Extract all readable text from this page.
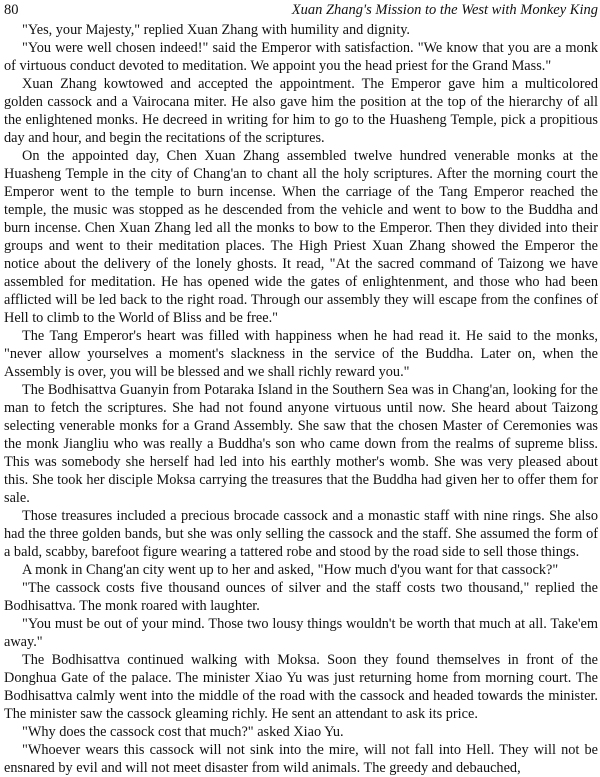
80	Xuan Zhang's Mission to the West with Monkey King

"Yes, your Majesty," replied Xuan Zhang with humility and dignity.

"You were well chosen indeed!" said the Emperor with satisfaction. "We know that you are a monk of virtuous conduct devoted to meditation. We appoint you the head priest for the Grand Mass."

Xuan Zhang kowtowed and accepted the appointment. The Emperor gave him a multicolored golden cassock and a Vairocana miter. He also gave him the position at the top of the hierarchy of all the enlightened monks. He decreed in writing for him to go to the Huasheng Temple, pick a propitious day and hour, and begin the recitations of the scriptures.

On the appointed day, Chen Xuan Zhang assembled twelve hundred venerable monks at the Huasheng Temple in the city of Chang'an to chant all the holy scriptures. After the morning court the Emperor went to the temple to burn incense. When the carriage of the Tang Emperor reached the temple, the music was stopped as he descended from the vehicle and went to bow to the Buddha and burn incense. Chen Xuan Zhang led all the monks to bow to the Emperor. Then they divided into their groups and went to their meditation places. The High Priest Xuan Zhang showed the Emperor the notice about the delivery of the lonely ghosts. It read, "At the sacred command of Taizong we have assembled for meditation. He has opened wide the gates of enlightenment, and those who had been afflicted will be led back to the right road. Through our assembly they will escape from the confines of Hell to climb to the World of Bliss and be free."

The Tang Emperor's heart was filled with happiness when he had read it. He said to the monks, "never allow yourselves a moment's slackness in the service of the Buddha. Later on, when the Assembly is over, you will be blessed and we shall richly reward you."

The Bodhisattva Guanyin from Potaraka Island in the Southern Sea was in Chang'an, looking for the man to fetch the scriptures. She had not found anyone virtuous until now. She heard about Taizong selecting venerable monks for a Grand Assembly. She saw that the chosen Master of Ceremonies was the monk Jiangliu who was really a Buddha's son who came down from the realms of supreme bliss. This was somebody she herself had led into his earthly mother's womb. She was very pleased about this. She took her disciple Moksa carrying the treasures that the Buddha had given her to offer them for sale.

Those treasures included a precious brocade cassock and a monastic staff with nine rings. She also had the three golden bands, but she was only selling the cassock and the staff. She assumed the form of a bald, scabby, barefoot figure wearing a tattered robe and stood by the road side to sell those things.

A monk in Chang'an city went up to her and asked, "How much d'you want for that cassock?"

"The cassock costs five thousand ounces of silver and the staff costs two thousand," replied the Bodhisattva. The monk roared with laughter.

"You must be out of your mind. Those two lousy things wouldn't be worth that much at all. Take'em away."

The Bodhisattva continued walking with Moksa. Soon they found themselves in front of the Donghua Gate of the palace. The minister Xiao Yu was just returning home from morning court. The Bodhisattva calmly went into the middle of the road with the cassock and headed towards the minister. The minister saw the cassock gleaming richly. He sent an attendant to ask its price.

"Why does the cassock cost that much?" asked Xiao Yu.

"Whoever wears this cassock will not sink into the mire, will not fall into Hell. They will not be ensnared by evil and will not meet disaster from wild animals. The greedy and debauched,
